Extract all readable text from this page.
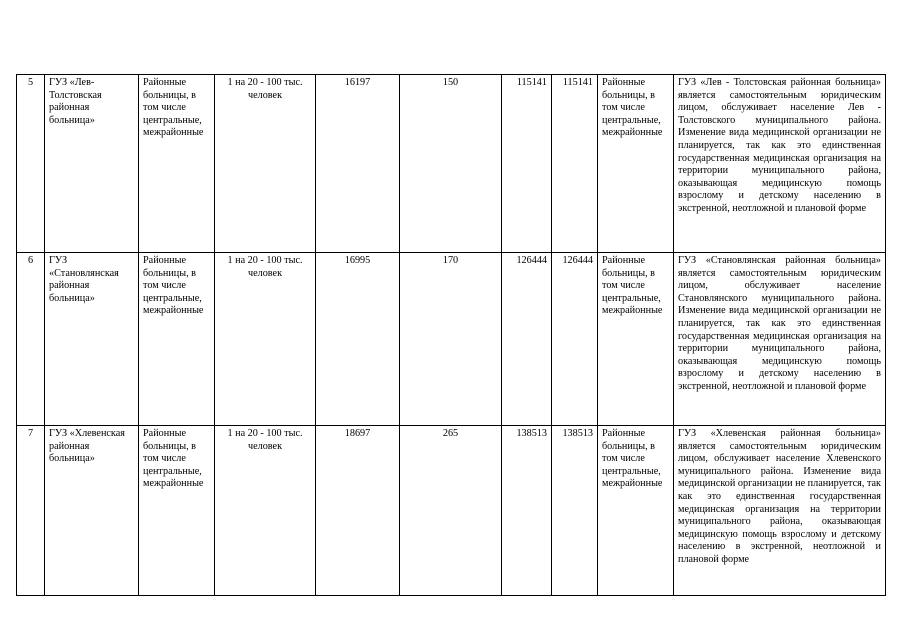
5	ГУЗ «Лев-Толстовская районная больница»	Районные больницы, в том числе центральные, межрайонные	1 на 20 - 100 тыс. человек	16197	150	115141	115141	Районные больницы, в том числе центральные, межрайонные	ГУЗ «Лев - Толстовская районная больница» является самостоятельным юридическим лицом, обслуживает население Лев - Толстовского муниципального района. Изменение вида медицинской организации не планируется, так как это единственная государственная медицинская организация на территории муниципального района, оказывающая медицинскую помощь взрослому и детскому населению в экстренной, неотложной и плановой форме
6	ГУЗ «Становлянская районная больница»	Районные больницы, в том числе центральные, межрайонные	1 на 20 - 100 тыс. человек	16995	170	126444	126444	Районные больницы, в том числе центральные, межрайонные	ГУЗ «Становлянская районная больница» является самостоятельным юридическим лицом, обслуживает население Становлянского муниципального района. Изменение вида медицинской организации не планируется, так как это единственная государственная медицинская организация на территории муниципального района, оказывающая медицинскую помощь взрослому и детскому населению в экстренной, неотложной и плановой форме
7	ГУЗ «Хлевенская районная больница»	Районные больницы, в том числе центральные, межрайонные	1 на 20 - 100 тыс. человек	18697	265	138513	138513	Районные больницы, в том числе центральные, межрайонные	ГУЗ «Хлевенская районная больница» является самостоятельным юридическим лицом, обслуживает население Хлевенского муниципального района. Изменение вида медицинской организации не планируется, так как это единственная государственная медицинская организация на территории муниципального района, оказывающая медицинскую помощь взрослому и детскому населению в экстренной, неотложной и плановой форме
